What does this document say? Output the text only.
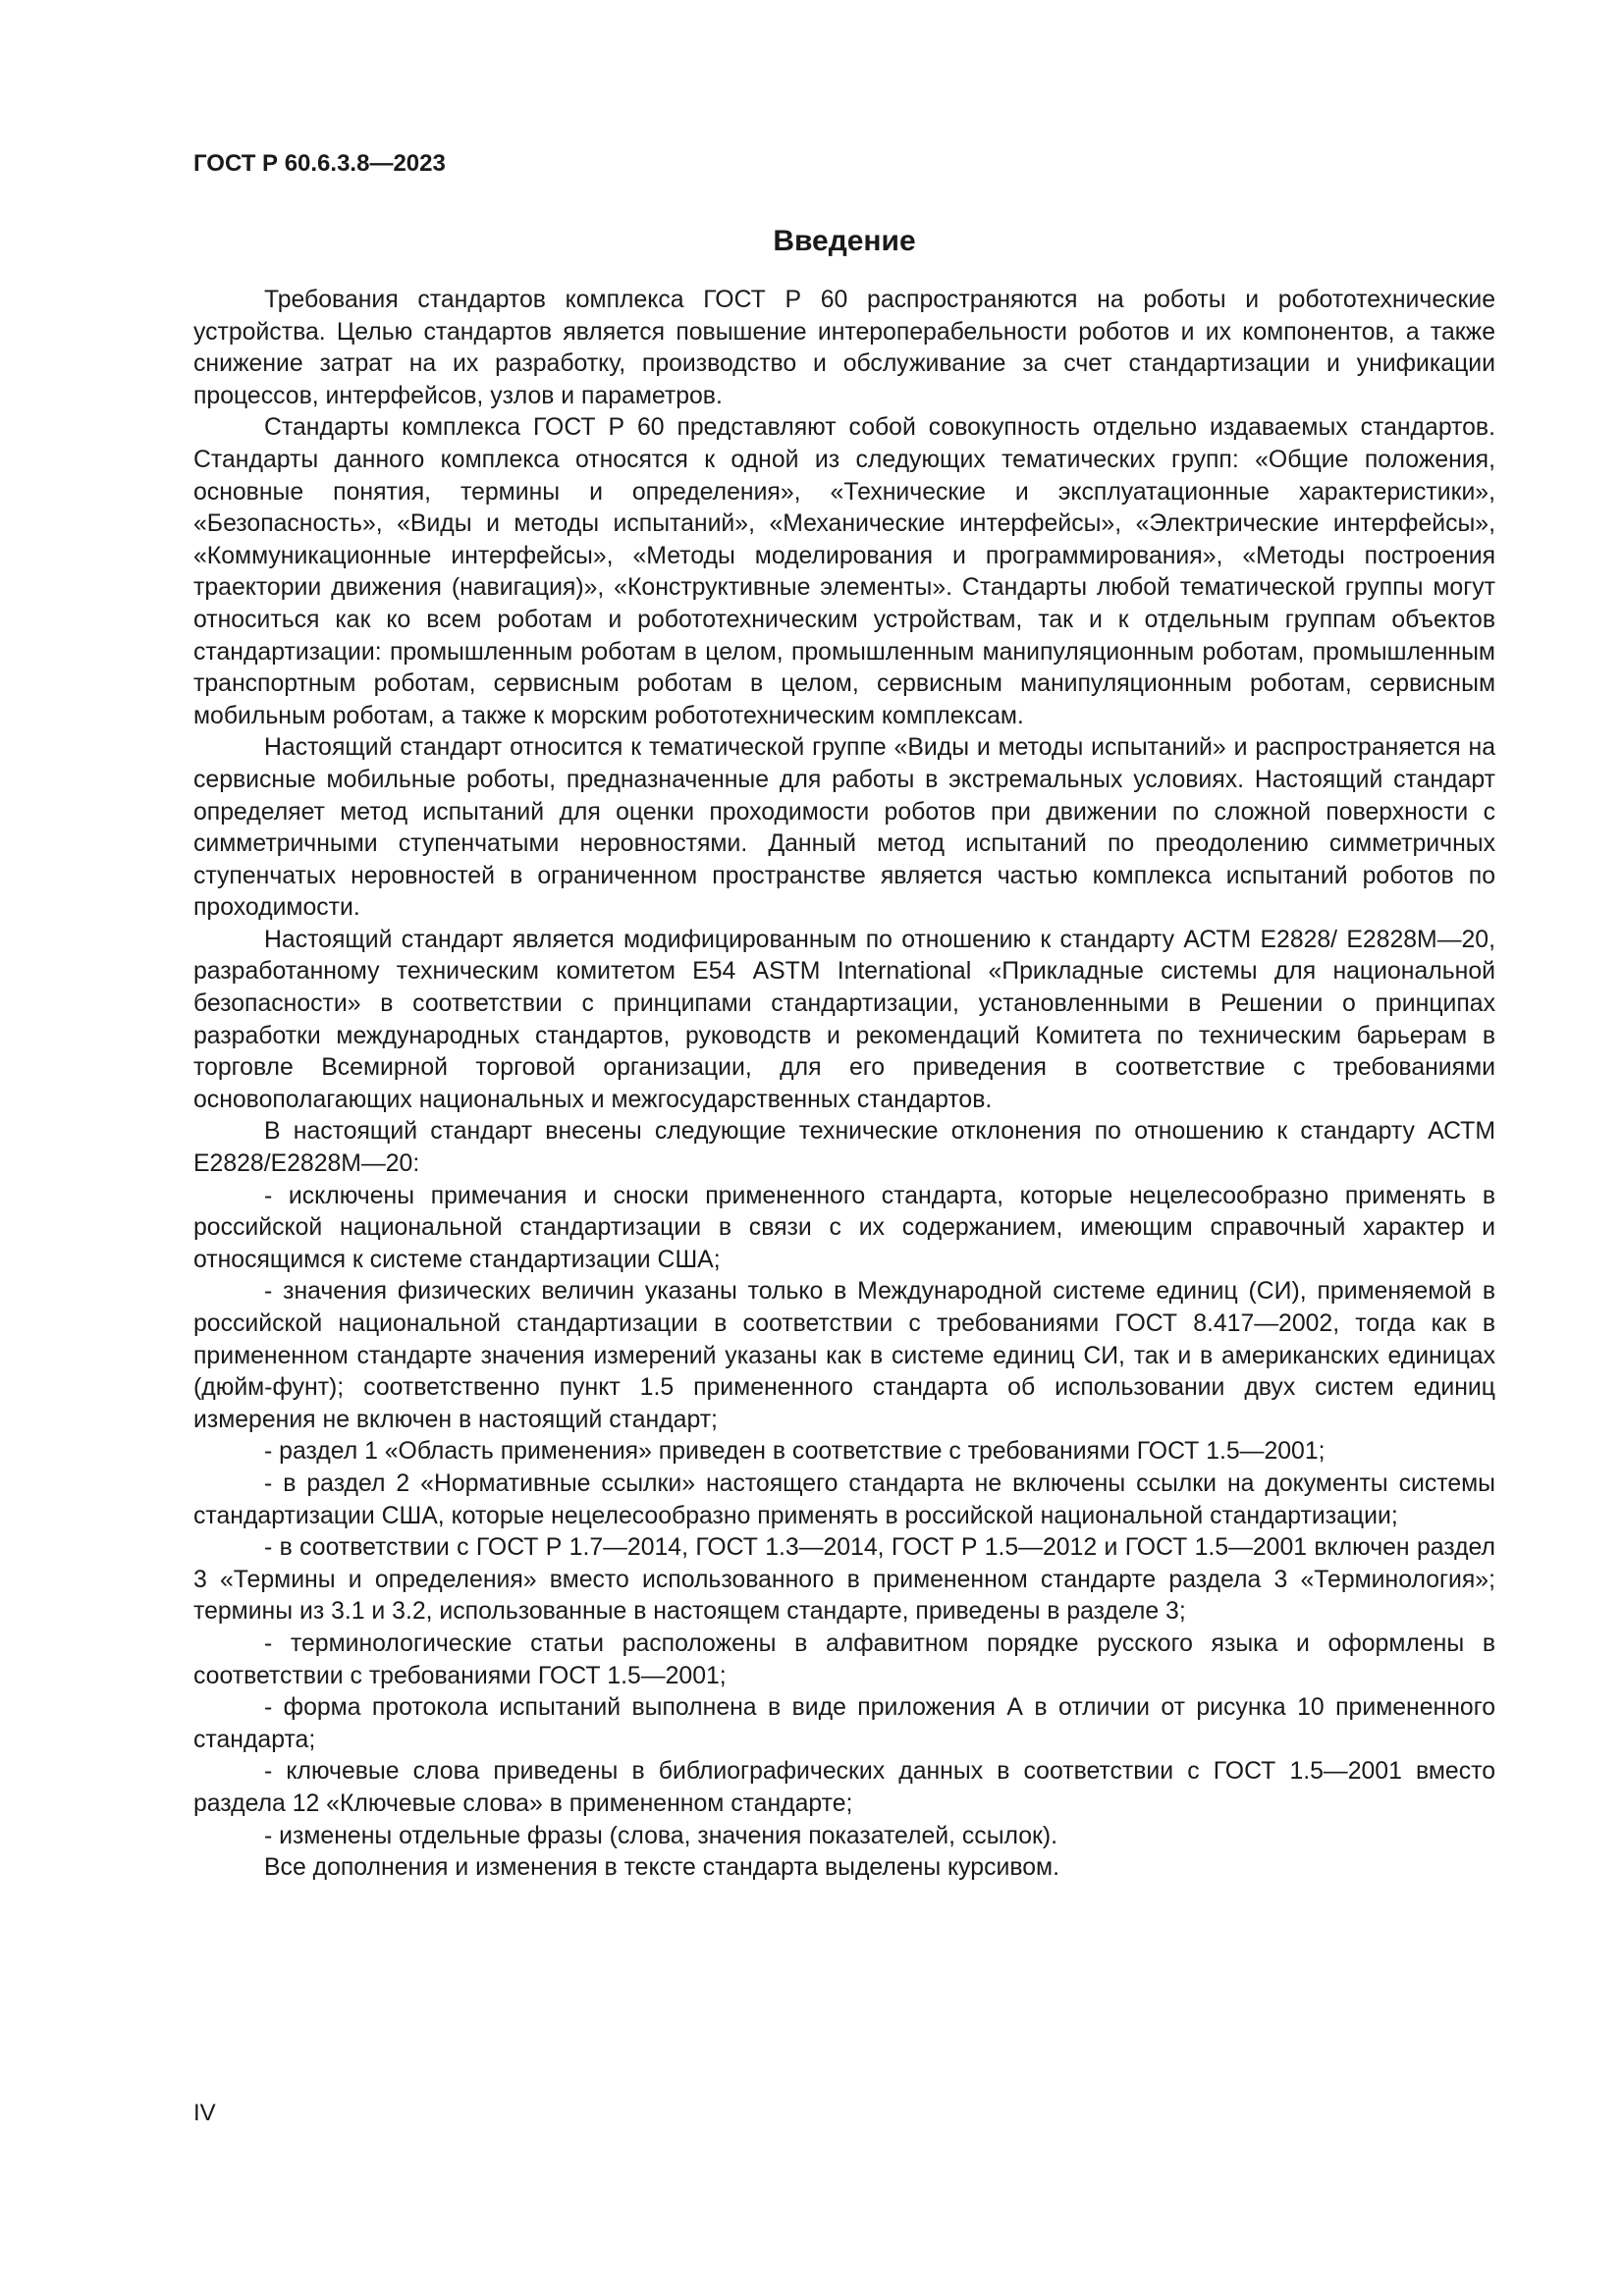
ГОСТ Р 60.6.3.8—2023
Введение

Требования стандартов комплекса ГОСТ Р 60 распространяются на роботы и робототехнические устройства. Целью стандартов является повышение интероперабельности роботов и их компонентов, а также снижение затрат на их разработку, производство и обслуживание за счет стандартизации и унификации процессов, интерфейсов, узлов и параметров.

Стандарты комплекса ГОСТ Р 60 представляют собой совокупность отдельно издаваемых стандартов. Стандарты данного комплекса относятся к одной из следующих тематических групп: «Общие положения, основные понятия, термины и определения», «Технические и эксплуатационные характеристики», «Безопасность», «Виды и методы испытаний», «Механические интерфейсы», «Электрические интерфейсы», «Коммуникационные интерфейсы», «Методы моделирования и программирования», «Методы построения траектории движения (навигация)», «Конструктивные элементы». Стандарты любой тематической группы могут относиться как ко всем роботам и робототехническим устройствам, так и к отдельным группам объектов стандартизации: промышленным роботам в целом, промышленным манипуляционным роботам, промышленным транспортным роботам, сервисным роботам в целом, сервисным манипуляционным роботам, сервисным мобильным роботам, а также к морским робототехническим комплексам.

Настоящий стандарт относится к тематической группе «Виды и методы испытаний» и распространяется на сервисные мобильные роботы, предназначенные для работы в экстремальных условиях. Настоящий стандарт определяет метод испытаний для оценки проходимости роботов при движении по сложной поверхности с симметричными ступенчатыми неровностями. Данный метод испытаний по преодолению симметричных ступенчатых неровностей в ограниченном пространстве является частью комплекса испытаний роботов по проходимости.

Настоящий стандарт является модифицированным по отношению к стандарту АСТМ Е2828/ Е2828М—20, разработанному техническим комитетом Е54 ASTM International «Прикладные системы для национальной безопасности» в соответствии с принципами стандартизации, установленными в Решении о принципах разработки международных стандартов, руководств и рекомендаций Комитета по техническим барьерам в торговле Всемирной торговой организации, для его приведения в соответствие с требованиями основополагающих национальных и межгосударственных стандартов.

В настоящий стандарт внесены следующие технические отклонения по отношению к стандарту АСТМ Е2828/Е2828М—20:

- исключены примечания и сноски примененного стандарта, которые нецелесообразно применять в российской национальной стандартизации в связи с их содержанием, имеющим справочный характер и относящимся к системе стандартизации США;

- значения физических величин указаны только в Международной системе единиц (СИ), применяемой в российской национальной стандартизации в соответствии с требованиями ГОСТ 8.417—2002, тогда как в примененном стандарте значения измерений указаны как в системе единиц СИ, так и в американских единицах (дюйм-фунт); соответственно пункт 1.5 примененного стандарта об использовании двух систем единиц измерения не включен в настоящий стандарт;

- раздел 1 «Область применения» приведен в соответствие с требованиями ГОСТ 1.5—2001;

- в раздел 2 «Нормативные ссылки» настоящего стандарта не включены ссылки на документы системы стандартизации США, которые нецелесообразно применять в российской национальной стандартизации;

- в соответствии с ГОСТ Р 1.7—2014, ГОСТ 1.3—2014, ГОСТ Р 1.5—2012 и ГОСТ 1.5—2001 включен раздел 3 «Термины и определения» вместо использованного в примененном стандарте раздела 3 «Терминология»; термины из 3.1 и 3.2, использованные в настоящем стандарте, приведены в разделе 3;

- терминологические статьи расположены в алфавитном порядке русского языка и оформлены в соответствии с требованиями ГОСТ 1.5—2001;

- форма протокола испытаний выполнена в виде приложения А в отличии от рисунка 10 примененного стандарта;

- ключевые слова приведены в библиографических данных в соответствии с ГОСТ 1.5—2001 вместо раздела 12 «Ключевые слова» в примененном стандарте;

- изменены отдельные фразы (слова, значения показателей, ссылок).

Все дополнения и изменения в тексте стандарта выделены курсивом.

IV
